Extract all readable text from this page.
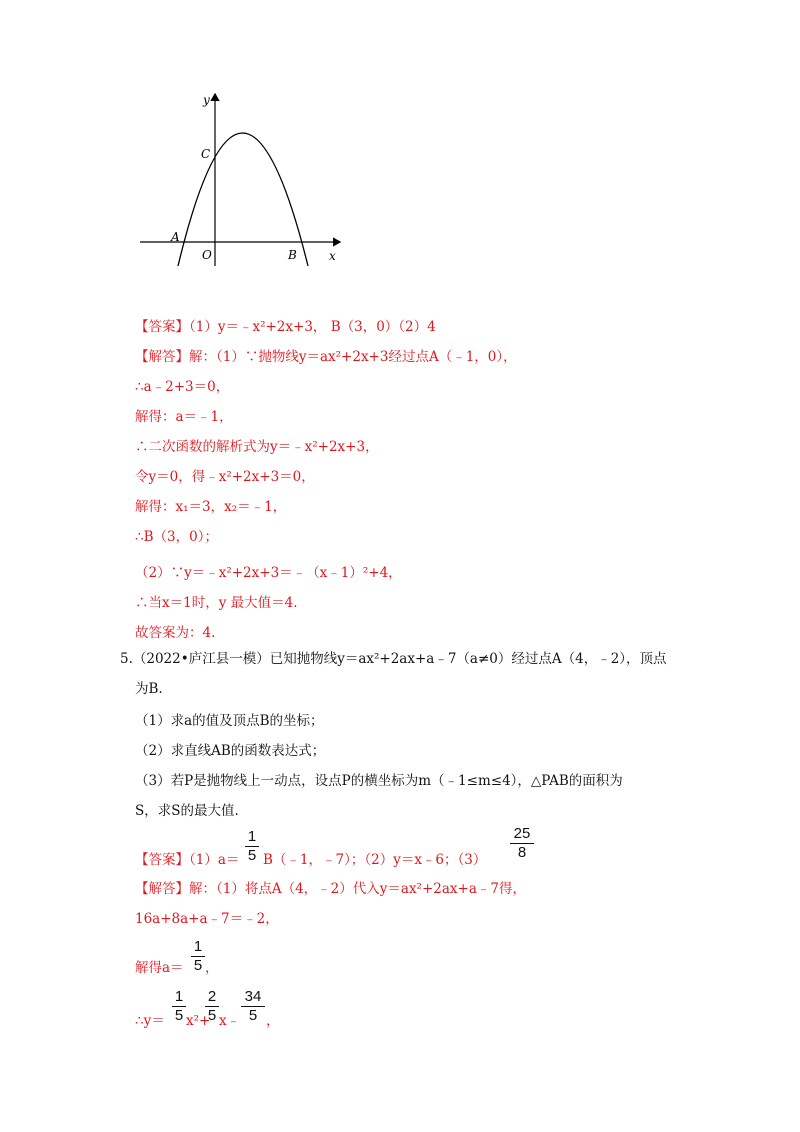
y
x
O
A
B
C
【答案】（1）y＝﹣x²+2x+3， B（3，0）（2）4
【解答】解：（1）∵抛物线y＝ax²+2x+3经过点A（﹣1，0），
∴a﹣2+3＝0，
解得：a＝﹣1，
∴二次函数的解析式为y＝﹣x²+2x+3，
令y＝0，得﹣x²+2x+3＝0，
解得：x₁＝3，x₂＝﹣1，
∴B（3，0）；
（2）∵y＝﹣x²+2x+3＝﹣（x﹣1）²+4，
∴当x＝1时，y 最大值＝4.
故答案为：4.
5.（2022•庐江县一模）已知抛物线y＝ax²+2ax+a﹣7（a≠0）经过点A（4，﹣2），顶点
为B.
（1）求a的值及顶点B的坐标；
（2）求直线AB的函数表达式；
（3）若P是抛物线上一动点，设点P的横坐标为m（﹣1≤m≤4），△PAB的面积为
S，求S的最大值.
【答案】（1）a＝
1
5 B（﹣1，﹣7）；（2）y＝x﹣6；（3）
25
8
【解答】解：（1）将点A（4，﹣2）代入y＝ax²+2ax+a﹣7得，
16a+8a+a﹣7＝﹣2，
解得a＝
1
5 ，
∴y＝
1
5 x²+
2
5 x﹣
34
5 ，
